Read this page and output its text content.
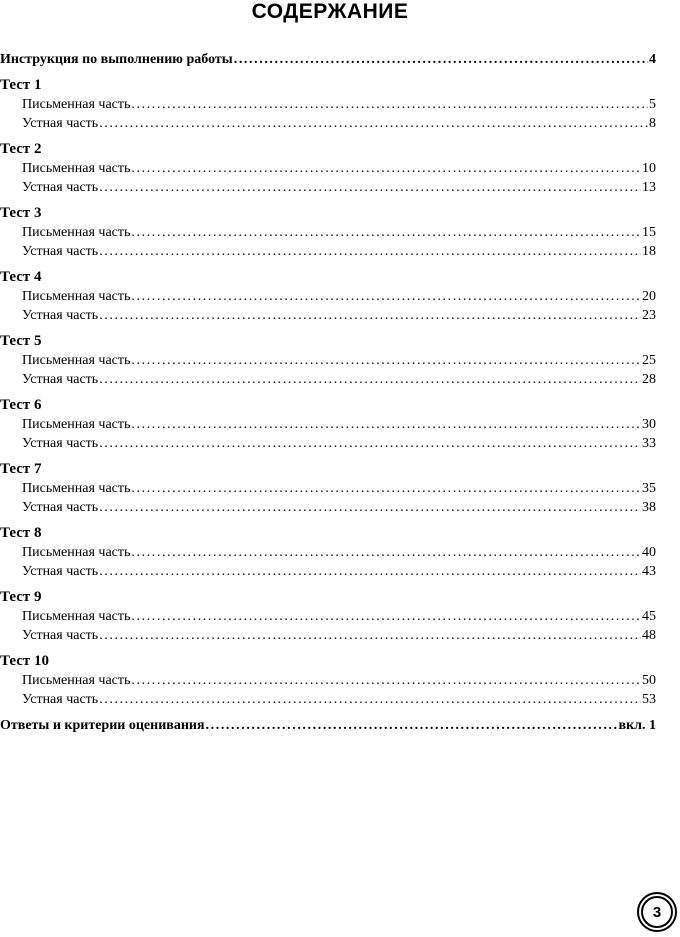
СОДЕРЖАНИЕ
Инструкция по выполнению работы .....	4
Тест 1
Письменная часть .....	5
Устная часть .....	8
Тест 2
Письменная часть .....	10
Устная часть .....	13
Тест 3
Письменная часть .....	15
Устная часть .....	18
Тест 4
Письменная часть .....	20
Устная часть .....	23
Тест 5
Письменная часть .....	25
Устная часть .....	28
Тест 6
Письменная часть .....	30
Устная часть .....	33
Тест 7
Письменная часть .....	35
Устная часть .....	38
Тест 8
Письменная часть .....	40
Устная часть .....	43
Тест 9
Письменная часть .....	45
Устная часть .....	48
Тест 10
Письменная часть .....	50
Устная часть .....	53
Ответы и критерии оценивания .....	вкл. 1
3
